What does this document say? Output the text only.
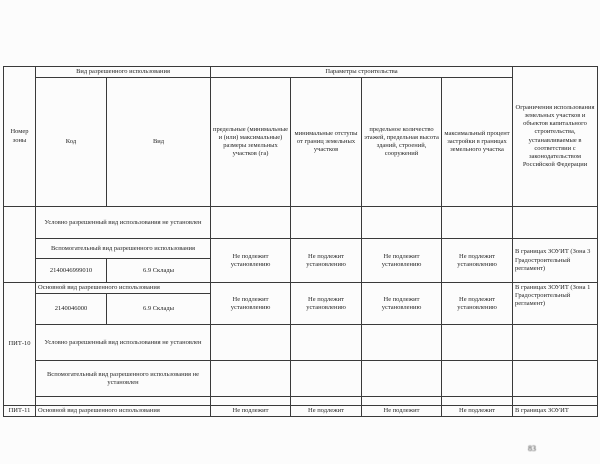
Номер зоны	Вид разрешенного использования		Параметры строительства				Ограничения использования земельных участков и объектов капитального строительства, устанавливаемые в соответствии с законодательством Российской Федерации
	Код	Вид	предельные (минимальные и (или) максимальные) размеры земельных участков (га)	минимальные отступы от границ земельных участков	предельное количество этажей, предельная высота зданий, строений, сооружений	максимальный процент застройки в границах земельного участка	
	Условно разрешенный вид использования не установлен						
	Вспомогательный вид разрешенного использования		Не подлежит установлению	Не подлежит установлению	Не подлежит установлению	Не подлежит установлению	В границах ЗОУИТ (Зона 3 Градостроительный регламент)
	2140046999010	6.9 Склады					
ПИТ-10	Основной вид разрешенного использования		Не подлежит установлению	Не подлежит установлению	Не подлежит установлению	Не подлежит установлению	В границах ЗОУИТ (Зона 1 Градостроительный регламент)
	2140046000	6.9 Склады					
	Условно разрешенный вид использования не установлен						
	Вспомогательный вид разрешенного использования не установлен						

ПИТ-11	Основной вид разрешенного использования		Не подлежит	Не подлежит	Не подлежит	Не подлежит	В границах ЗОУИТ
83
